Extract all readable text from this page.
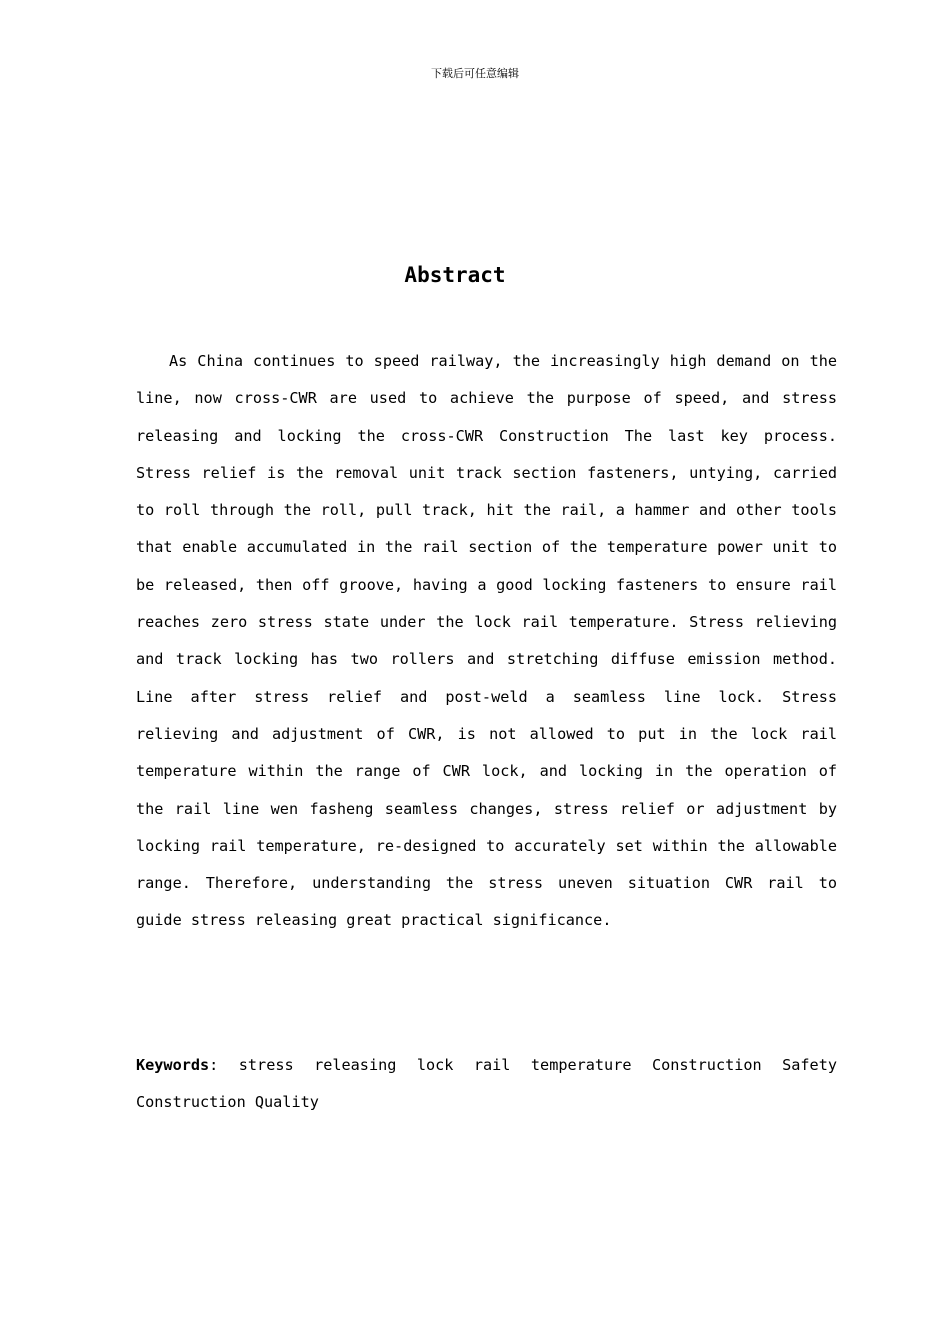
下载后可任意编辑
Abstract

As China continues to speed railway, the increasingly high demand on the line, now cross-CWR are used to achieve the purpose of speed, and stress releasing and locking the cross-CWR Construction The last key process. Stress relief is the removal unit track section fasteners, untying, carried to roll through the roll, pull track, hit the rail, a hammer and other tools that enable accumulated in the rail section of the temperature power unit to be released, then off groove, having a good locking fasteners to ensure rail reaches zero stress state under the lock rail temperature. Stress relieving and track locking has two rollers and stretching diffuse emission method. Line after stress relief and post-weld a seamless line lock. Stress relieving and adjustment of CWR, is not allowed to put in the lock rail temperature within the range of CWR lock, and locking in the operation of the rail line wen fasheng seamless changes, stress relief or adjustment by locking rail temperature, re-designed to accurately set within the allowable range. Therefore, understanding the stress uneven situation CWR rail to guide stress releasing great practical significance.

Keywords: stress releasing lock rail temperature Construction Safety Construction Quality
